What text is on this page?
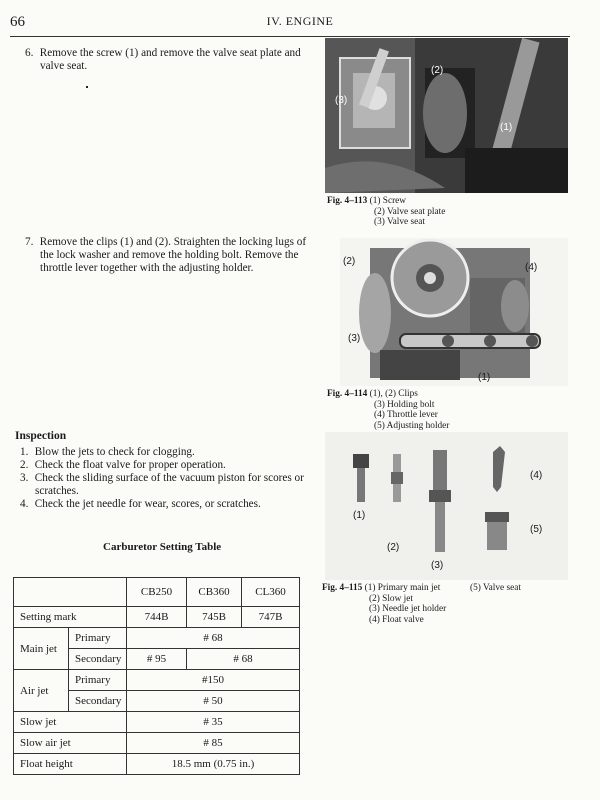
66	IV. ENGINE
6. Remove the screw (1) and remove the valve seat plate and
valve seat.	(2)
(3)
(1)
Fig. 4–113 (1) Screw
(2) Valve seat plate
(3) Valve seat
7. Remove the clips (1) and (2). Straighten the locking lugs of
the lock washer and remove the holding bolt. Remove the
throttle lever together with the adjusting holder.
(2)
(4)
(3)
(1)
Fig. 4–114 (1), (2) Clips
(3) Holding bolt
(4) Throttle lever
(5) Adjusting holder
Inspection
1. Blow the jets to check for clogging.
2. Check the float valve for proper operation.
3. Check the sliding surface of the vacuum piston for scores or
scratches.
4. Check the jet needle for wear, scores, or scratches.
(4)
(1)
(5)
(2)
(3)
Fig. 4–115 (1) Primary main jet	(5) Valve seat
(2) Slow jet
(3) Needle jet holder
(4) Float valve
Carburetor Setting Table
		CB250	CB360	CL360
Setting mark		744B	745B	747B
Main jet	Primary	# 68		
	Secondary	# 95	# 68	
Air jet	Primary	#150		
	Secondary	# 50		
Slow jet		# 35		
Slow air jet		# 85		
Float height		18.5 mm (0.75 in.)		
